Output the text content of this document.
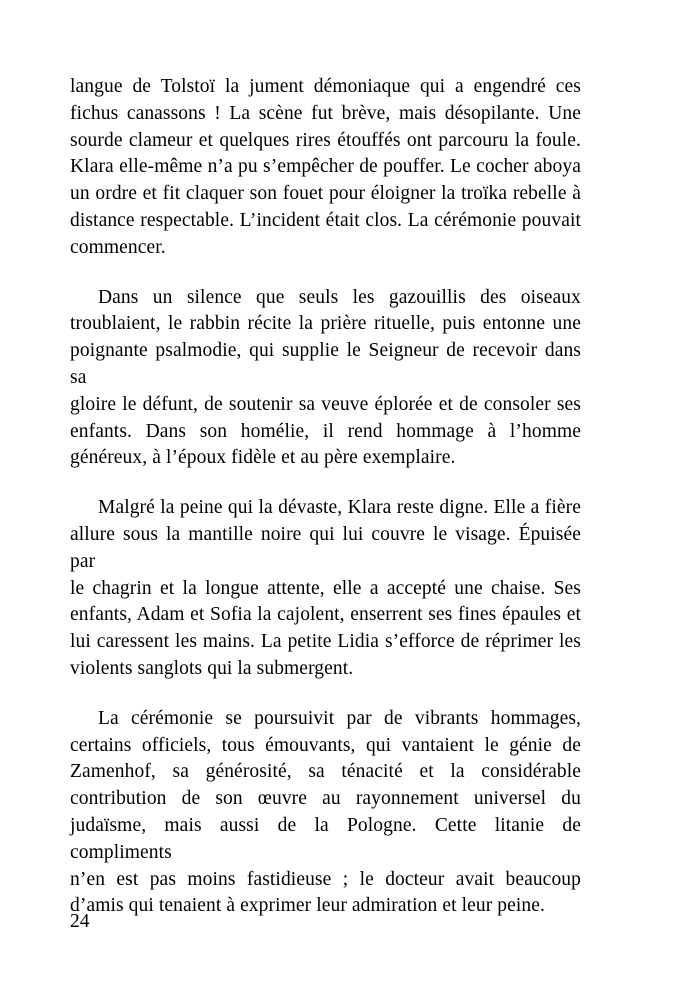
langue de Tolstoï la jument démoniaque qui a engendré ces
fichus canassons ! La scène fut brève, mais désopilante. Une
sourde clameur et quelques rires étouffés ont parcouru la foule.
Klara elle-même n’a pu s’empêcher de pouffer. Le cocher aboya
un ordre et fit claquer son fouet pour éloigner la troïka rebelle à
distance respectable. L’incident était clos. La cérémonie pouvait
commencer.
Dans un silence que seuls les gazouillis des oiseaux
troublaient, le rabbin récite la prière rituelle, puis entonne une
poignante psalmodie, qui supplie le Seigneur de recevoir dans sa
gloire le défunt, de soutenir sa veuve éplorée et de consoler ses
enfants. Dans son homélie, il rend hommage à l’homme
généreux, à l’époux fidèle et au père exemplaire.
Malgré la peine qui la dévaste, Klara reste digne. Elle a fière
allure sous la mantille noire qui lui couvre le visage. Épuisée par
le chagrin et la longue attente, elle a accepté une chaise. Ses
enfants, Adam et Sofia la cajolent, enserrent ses fines épaules et
lui caressent les mains. La petite Lidia s’efforce de réprimer les
violents sanglots qui la submergent.
La cérémonie se poursuivit par de vibrants hommages,
certains officiels, tous émouvants, qui vantaient le génie de
Zamenhof, sa générosité, sa ténacité et la considérable
contribution de son œuvre au rayonnement universel du
judaïsme, mais aussi de la Pologne. Cette litanie de compliments
n’en est pas moins fastidieuse ; le docteur avait beaucoup
d’amis qui tenaient à exprimer leur admiration et leur peine.
24
